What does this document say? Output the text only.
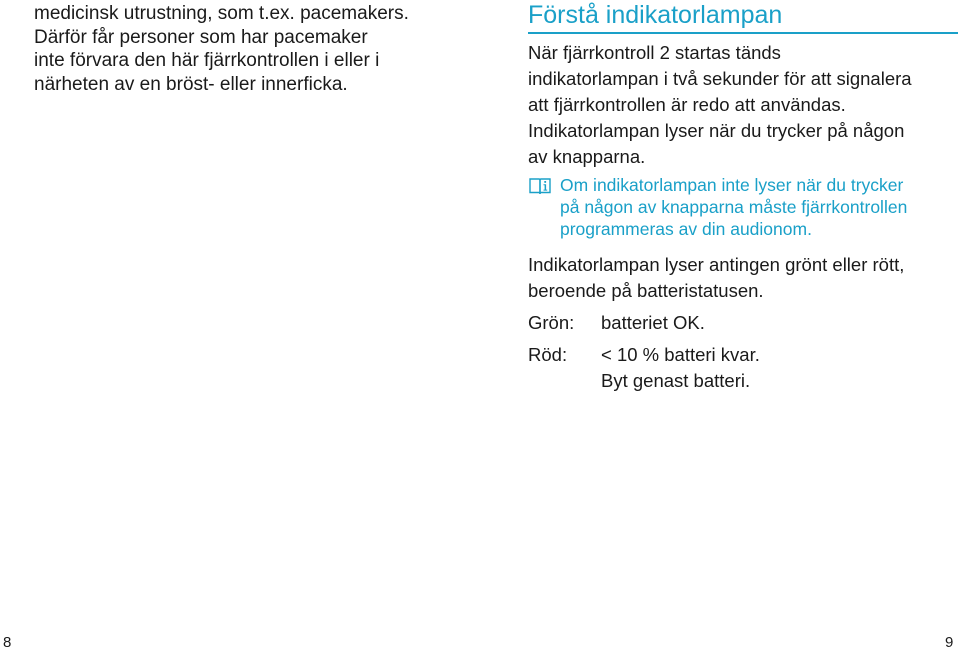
medicinsk utrustning, som t.ex. pacemakers.
Därför får personer som har pacemaker
inte förvara den här fjärrkontrollen i eller i
närheten av en bröst- eller innerficka.
Förstå indikatorlampan
När fjärrkontroll 2 startas tänds
indikatorlampan i två sekunder för att signalera
att fjärrkontrollen är redo att användas.
Indikatorlampan lyser när du trycker på någon
av knapparna.
Om indikatorlampan inte lyser när du trycker
på någon av knapparna måste fjärrkontrollen
programmeras av din audionom.
Indikatorlampan lyser antingen grönt eller rött,
beroende på batteristatusen.
Grön:	batteriet OK.
Röd:	< 10 % batteri kvar.
Byt genast batteri.
8	9
